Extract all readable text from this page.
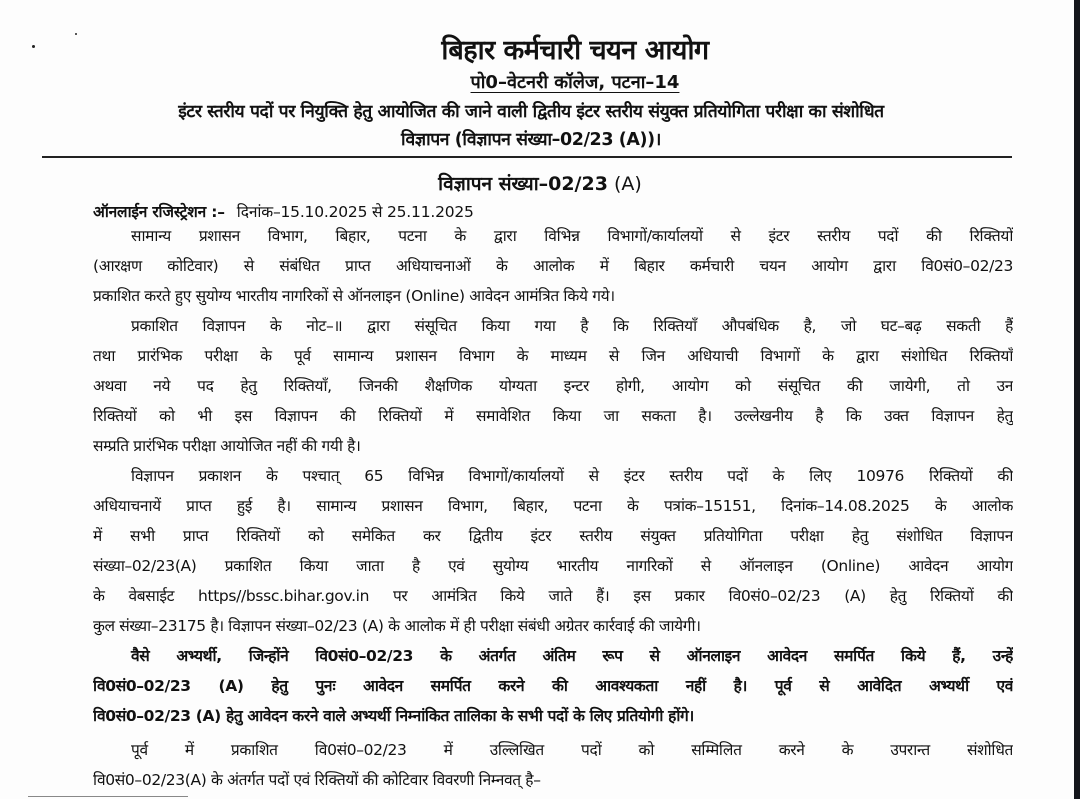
बिहार कर्मचारी चयन आयोग
पो0–वेटनरी कॉलेज, पटना–14
इंटर स्तरीय पदों पर नियुक्ति हेतु आयोजित की जाने वाली द्वितीय इंटर स्तरीय संयुक्त प्रतियोगिता परीक्षा का संशोधित
विज्ञापन (विज्ञापन संख्या–02/23 (A))।
विज्ञापन संख्या–02/23 (A)
ऑनलाईन रजिस्ट्रेशन :– दिनांक–15.10.2025 से 25.11.2025
सामान्य प्रशासन विभाग, बिहार, पटना के द्वारा विभिन्न विभागों/कार्यालयों से इंटर स्तरीय पदों की रिक्तियों
(आरक्षण कोटिवार) से संबंधित प्राप्त अधियाचनाओं के आलोक में बिहार कर्मचारी चयन आयोग द्वारा वि0सं0–02/23
प्रकाशित करते हुए सुयोग्य भारतीय नागरिकों से ऑनलाइन (Online) आवेदन आमंत्रित किये गये।
प्रकाशित विज्ञापन के नोट–॥ द्वारा संसूचित किया गया है कि रिक्तियाँ औपबंधिक है, जो घट–बढ़ सकती हैं
तथा प्रारंभिक परीक्षा के पूर्व सामान्य प्रशासन विभाग के माध्यम से जिन अधियाची विभागों के द्वारा संशोधित रिक्तियाँ
अथवा नये पद हेतु रिक्तियाँ, जिनकी शैक्षणिक योग्यता इन्टर होगी, आयोग को संसूचित की जायेगी, तो उन
रिक्तियों को भी इस विज्ञापन की रिक्तियों में समावेशित किया जा सकता है। उल्लेखनीय है कि उक्त विज्ञापन हेतु
सम्प्रति प्रारंभिक परीक्षा आयोजित नहीं की गयी है।
विज्ञापन प्रकाशन के पश्चात् 65 विभिन्न विभागों/कार्यालयों से इंटर स्तरीय पदों के लिए 10976 रिक्तियों की
अधियाचनायें प्राप्त हुई है। सामान्य प्रशासन विभाग, बिहार, पटना के पत्रांक–15151, दिनांक–14.08.2025 के आलोक
में सभी प्राप्त रिक्तियों को समेकित कर द्वितीय इंटर स्तरीय संयुक्त प्रतियोगिता परीक्षा हेतु संशोधित विज्ञापन
संख्या–02/23(A) प्रकाशित किया जाता है एवं सुयोग्य भारतीय नागरिकों से ऑनलाइन (Online) आवेदन आयोग
के वेबसाईट https//bssc.bihar.gov.in पर आमंत्रित किये जाते हैं। इस प्रकार वि0सं0–02/23 (A) हेतु रिक्तियों की
कुल संख्या–23175 है। विज्ञापन संख्या–02/23 (A) के आलोक में ही परीक्षा संबंधी अग्रेतर कार्रवाई की जायेगी।
वैसे अभ्यर्थी, जिन्होंने वि0सं0–02/23 के अंतर्गत अंतिम रूप से ऑनलाइन आवेदन समर्पित किये हैं, उन्हें
वि0सं0–02/23 (A) हेतु पुनः आवेदन समर्पित करने की आवश्यकता नहीं है। पूर्व से आवेदित अभ्यर्थी एवं
वि0सं0–02/23 (A) हेतु आवेदन करने वाले अभ्यर्थी निम्नांकित तालिका के सभी पदों के लिए प्रतियोगी होंगे।
पूर्व में प्रकाशित वि0सं0–02/23 में उल्लिखित पदों को सम्मिलित करने के उपरान्त संशोधित
वि0सं0–02/23(A) के अंतर्गत पदों एवं रिक्तियों की कोटिवार विवरणी निम्नवत् है–
